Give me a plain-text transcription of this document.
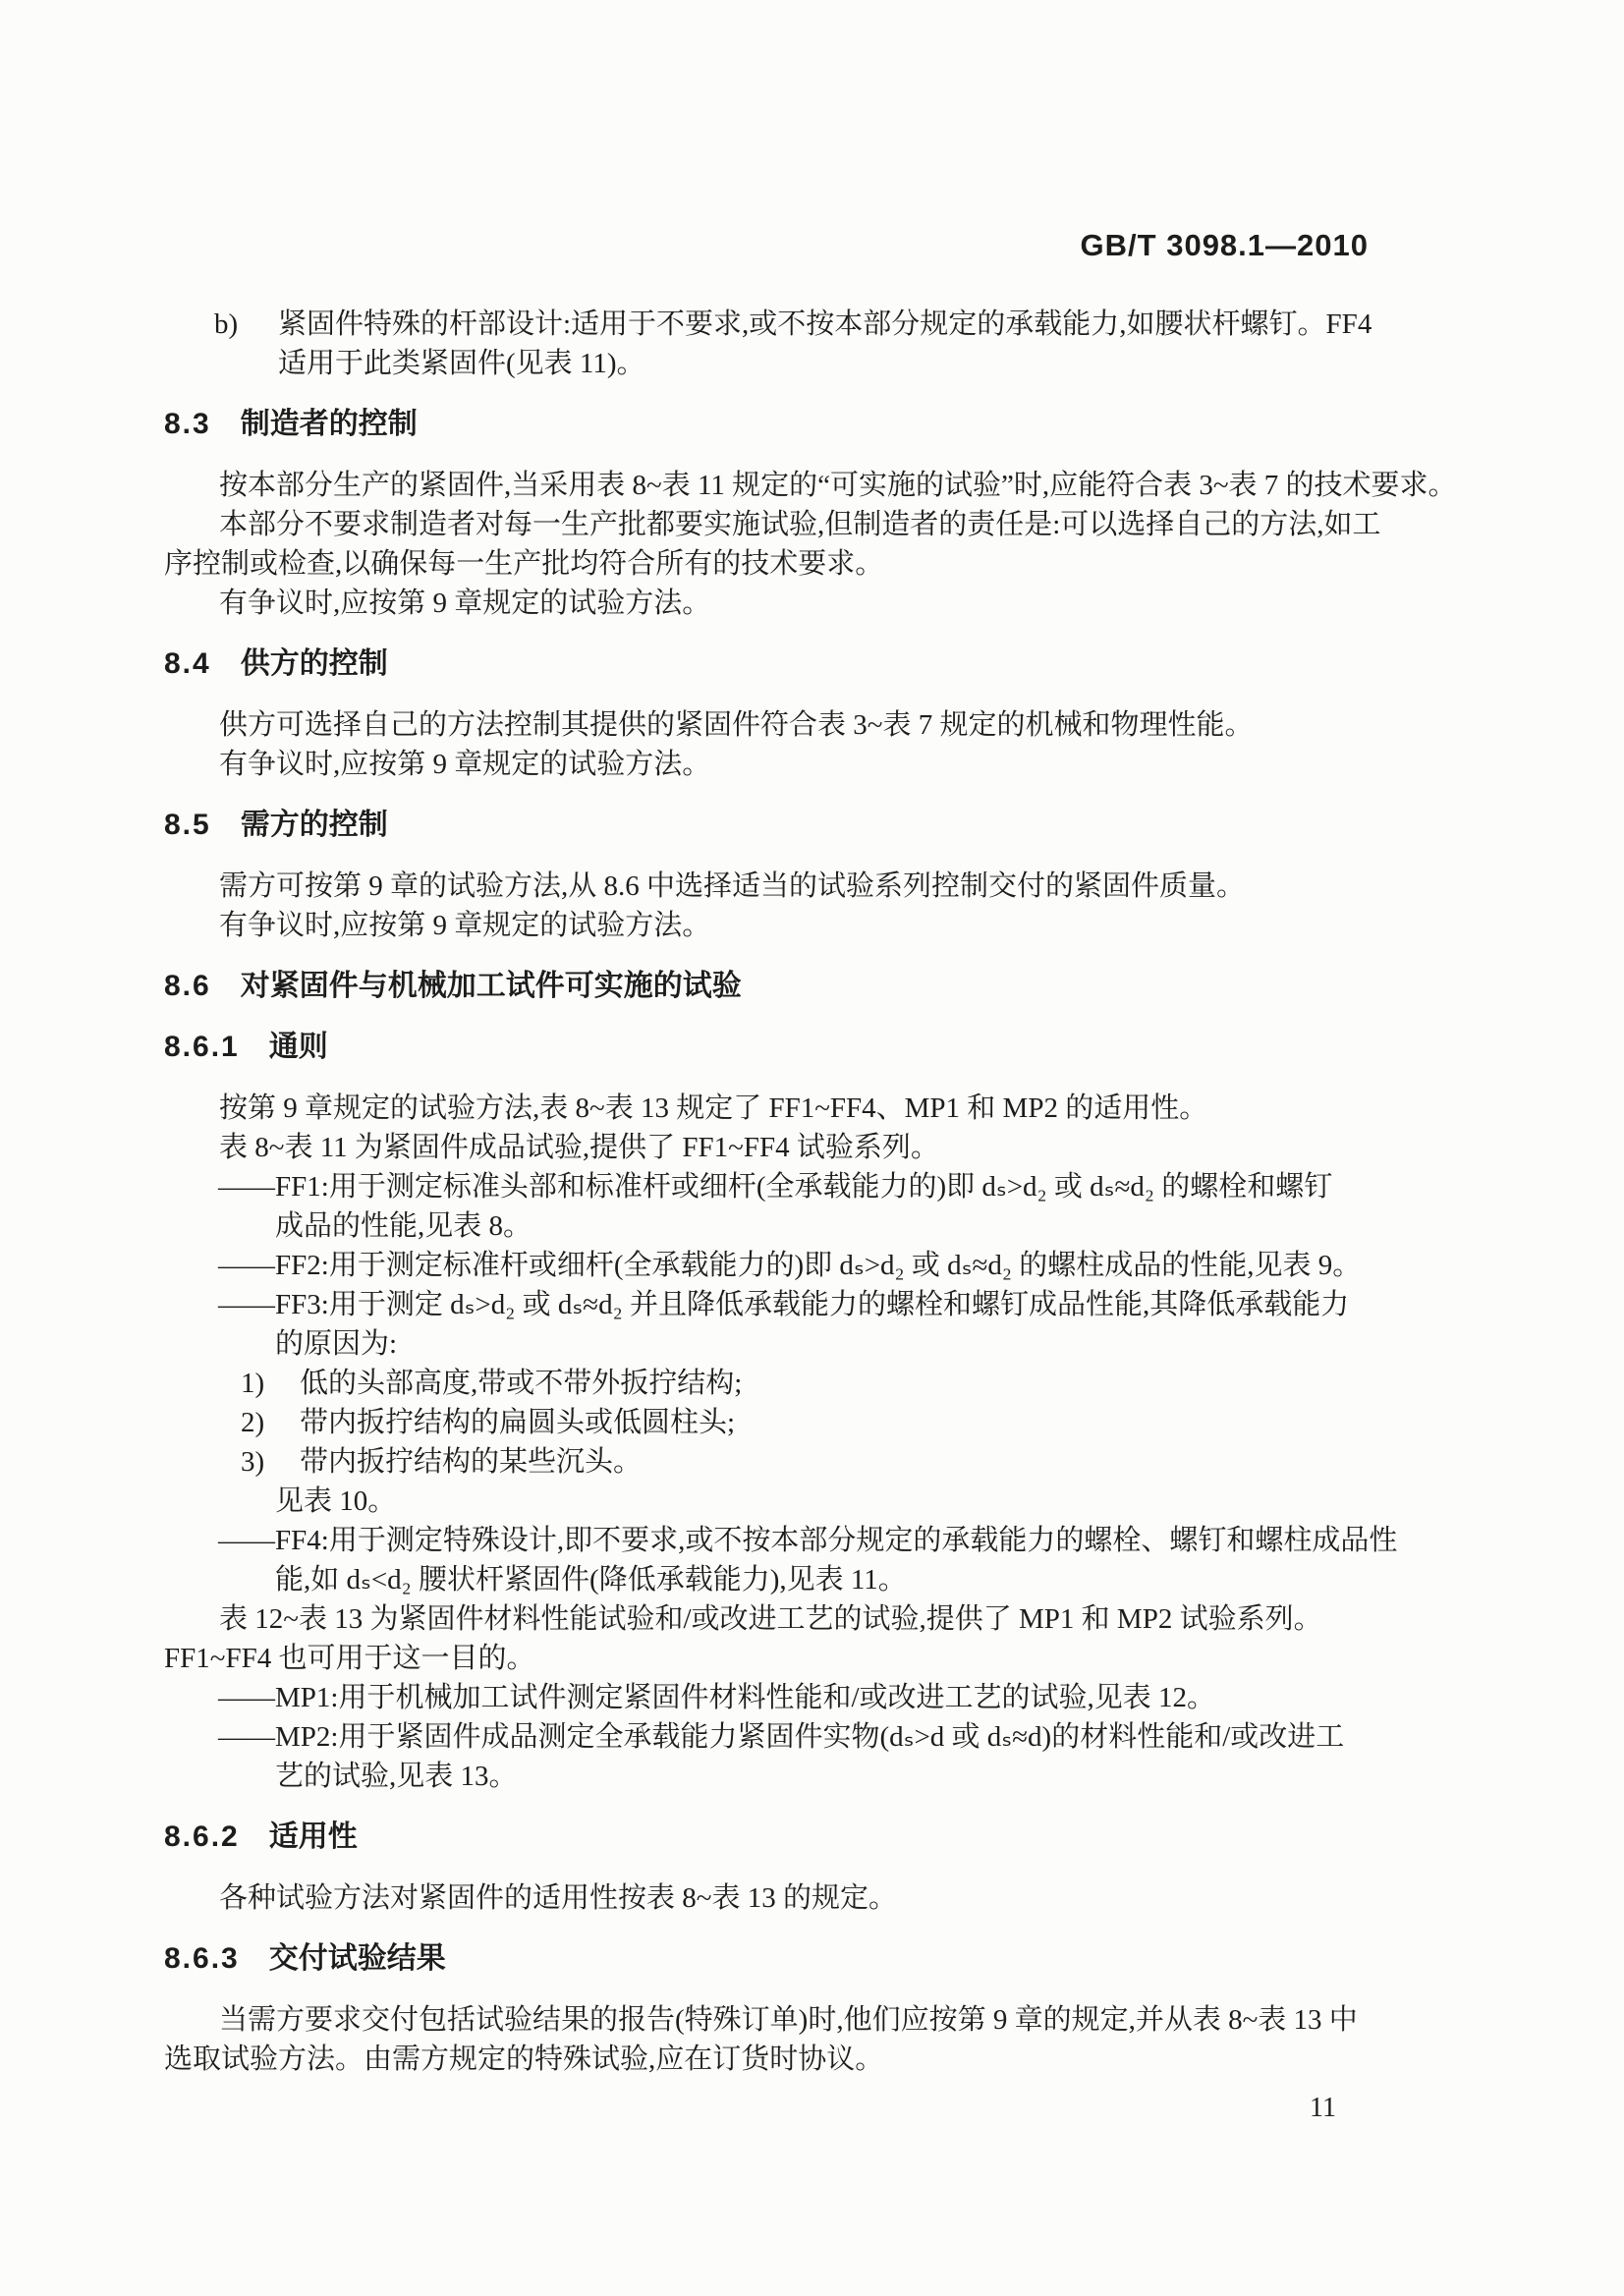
GB/T 3098.1—2010
b) 紧固件特殊的杆部设计:适用于不要求,或不按本部分规定的承载能力,如腰状杆螺钉。FF4
适用于此类紧固件(见表 11)。
8.3 制造者的控制
按本部分生产的紧固件,当采用表 8~表 11 规定的“可实施的试验”时,应能符合表 3~表 7 的技术要求。
本部分不要求制造者对每一生产批都要实施试验,但制造者的责任是:可以选择自己的方法,如工
序控制或检查,以确保每一生产批均符合所有的技术要求。
有争议时,应按第 9 章规定的试验方法。
8.4 供方的控制
供方可选择自己的方法控制其提供的紧固件符合表 3~表 7 规定的机械和物理性能。
有争议时,应按第 9 章规定的试验方法。
8.5 需方的控制
需方可按第 9 章的试验方法,从 8.6 中选择适当的试验系列控制交付的紧固件质量。
有争议时,应按第 9 章规定的试验方法。
8.6 对紧固件与机械加工试件可实施的试验
8.6.1 通则
按第 9 章规定的试验方法,表 8~表 13 规定了 FF1~FF4、MP1 和 MP2 的适用性。
表 8~表 11 为紧固件成品试验,提供了 FF1~FF4 试验系列。
——FF1:用于测定标准头部和标准杆或细杆(全承载能力的)即 dₛ>d₂ 或 dₛ≈d₂ 的螺栓和螺钉
成品的性能,见表 8。
——FF2:用于测定标准杆或细杆(全承载能力的)即 dₛ>d₂ 或 dₛ≈d₂ 的螺柱成品的性能,见表 9。
——FF3:用于测定 dₛ>d₂ 或 dₛ≈d₂ 并且降低承载能力的螺栓和螺钉成品性能,其降低承载能力
的原因为:
1) 低的头部高度,带或不带外扳拧结构;
2) 带内扳拧结构的扁圆头或低圆柱头;
3) 带内扳拧结构的某些沉头。
见表 10。
——FF4:用于测定特殊设计,即不要求,或不按本部分规定的承载能力的螺栓、螺钉和螺柱成品性
能,如 dₛ<d₂ 腰状杆紧固件(降低承载能力),见表 11。
表 12~表 13 为紧固件材料性能试验和/或改进工艺的试验,提供了 MP1 和 MP2 试验系列。
FF1~FF4 也可用于这一目的。
——MP1:用于机械加工试件测定紧固件材料性能和/或改进工艺的试验,见表 12。
——MP2:用于紧固件成品测定全承载能力紧固件实物(dₛ>d 或 dₛ≈d)的材料性能和/或改进工
艺的试验,见表 13。
8.6.2 适用性
各种试验方法对紧固件的适用性按表 8~表 13 的规定。
8.6.3 交付试验结果
当需方要求交付包括试验结果的报告(特殊订单)时,他们应按第 9 章的规定,并从表 8~表 13 中
选取试验方法。由需方规定的特殊试验,应在订货时协议。
11
